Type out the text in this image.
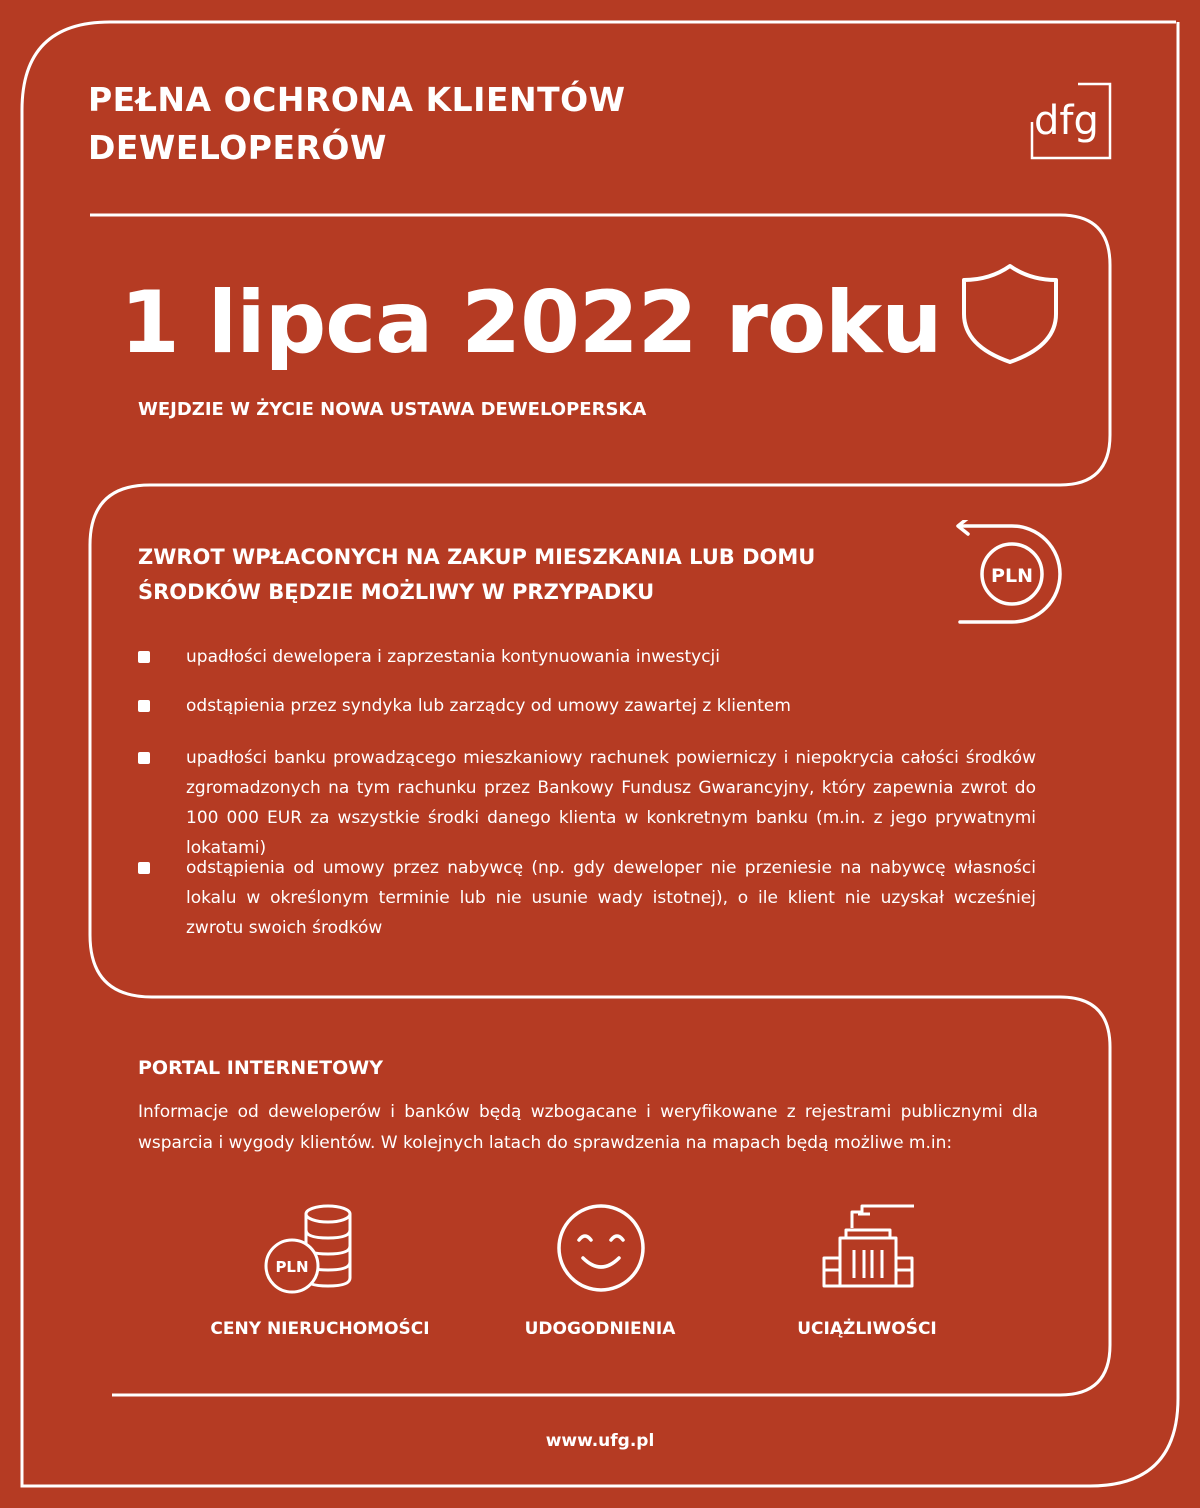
PEŁNA OCHRONA KLIENTÓW
DEWELOPERÓW
dfg
1 lipca 2022 roku
WEJDZIE W ŻYCIE NOWA USTAWA DEWELOPERSKA
ZWROT WPŁACONYCH NA ZAKUP MIESZKANIA LUB DOMU
ŚRODKÓW BĘDZIE MOŻLIWY W PRZYPADKU
PLN
upadłości dewelopera i zaprzestania kontynuowania inwestycji
odstąpienia przez syndyka lub zarządcy od umowy zawartej z klientem
upadłości banku prowadzącego mieszkaniowy rachunek powierniczy i niepokrycia całości środków zgromadzonych na tym rachunku przez Bankowy Fundusz Gwarancyjny, który zapewnia zwrot do 100 000 EUR za wszystkie środki danego klienta w konkretnym banku (m.in. z jego prywatnymi lokatami)
odstąpienia od umowy przez nabywcę (np. gdy deweloper nie przeniesie na nabywcę własności lokalu w określonym terminie lub nie usunie wady istotnej), o ile klient nie uzyskał wcześniej zwrotu swoich środków
PORTAL INTERNETOWY
Informacje od deweloperów i banków będą wzbogacane i weryfikowane z rejestrami publicznymi dla wsparcia i wygody klientów. W kolejnych latach do sprawdzenia na mapach będą możliwe m.in:
PLN
CENY NIERUCHOMOŚCI	UDOGODNIENIA	UCIĄŻLIWOŚCI
www.ufg.pl
